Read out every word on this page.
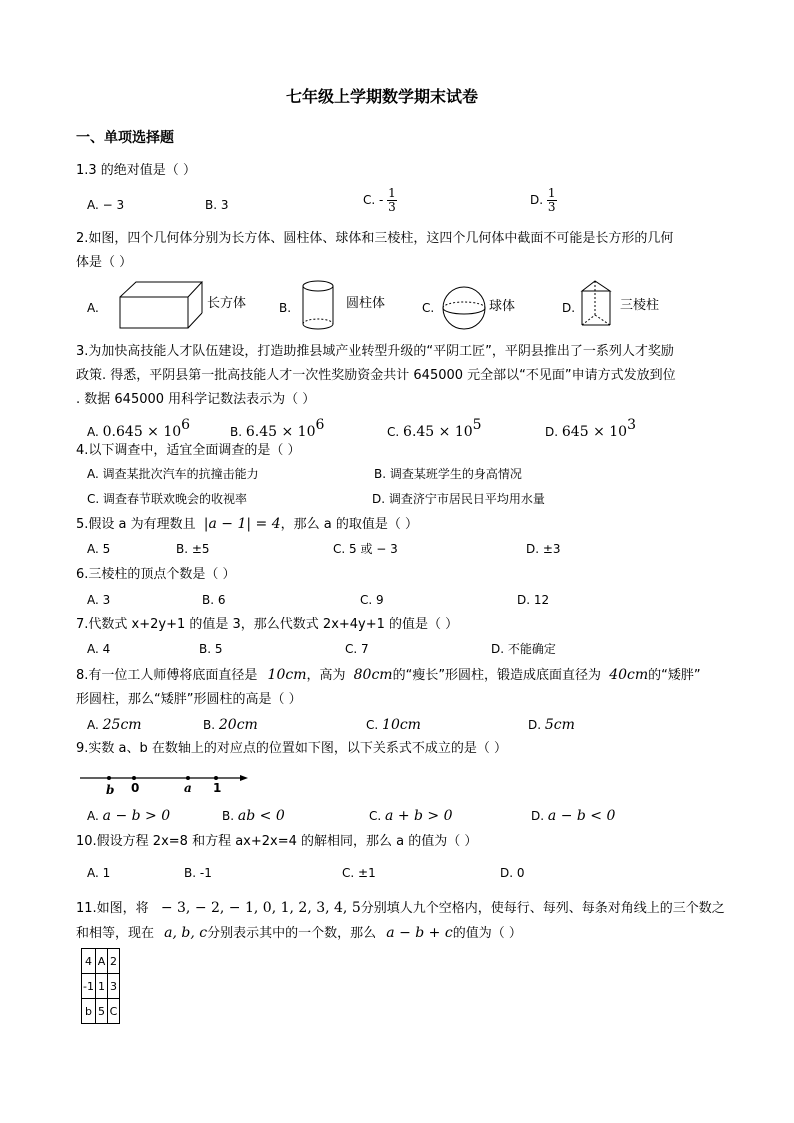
七年级上学期数学期末试卷
一、单项选择题
1.3 的绝对值是（ ）
A. − 3	B. 3	C. - $\frac{1}{3}$	D. $\frac{1}{3}$
2.如图，四个几何体分别为长方体、圆柱体、球体和三棱柱，这四个几何体中截面不可能是长方形的几何
体是（ ）
A.	长方体	B.	圆柱体	C.	球体	D.	三棱柱
3.为加快高技能人才队伍建设，打造助推县域产业转型升级的“平阴工匠”，平阴县推出了一系列人才奖励
政策. 得悉，平阴县第一批高技能人才一次性奖励资金共计 645000 元全部以“不见面”申请方式发放到位
. 数据 645000 用科学记数法表示为（ ）
A. $0.645 \times 10^6$	B. $6.45 \times 10^6$	C. $6.45 \times 10^5$	D. $645 \times 10^3$
4.以下调查中，适宜全面调查的是（ ）
A. 调查某批次汽车的抗撞击能力	B. 调查某班学生的身高情况
C. 调查春节联欢晚会的收视率	D. 调查济宁市居民日平均用水量
5.假设 a 为有理数且 |a − 1| = 4，那么 a 的取值是（ ）
A. 5	B. ±5	C. 5 或 − 3	D. ±3
6.三棱柱的顶点个数是（ ）
A. 3	B. 6	C. 9	D. 12
7.代数式 x+2y+1 的值是 3，那么代数式 2x+4y+1 的值是（ ）
A. 4	B. 5	C. 7	D. 不能确定
8.有一位工人师傅将底面直径是 10cm，高为 80cm的“瘦长”形圆柱，锻造成底面直径为 40cm的“矮胖”
形圆柱，那么“矮胖”形圆柱的高是（ ）
A. 25cm	B. 20cm	C. 10cm	D. 5cm
9.实数 a、b 在数轴上的对应点的位置如下图，以下关系式不成立的是（ ）
b 0	a 1
A. a − b > 0	B. ab < 0	C. a + b > 0	D. a − b < 0
10.假设方程 2x=8 和方程 ax+2x=4 的解相同，那么 a 的值为（ ）
A. 1	B. -1	C. ±1	D. 0
11.如图，将 − 3, − 2, − 1, 0, 1, 2, 3, 4, 5分别填人九个空格内，使每行、每列、每条对角线上的三个数之
和相等，现在 a, b, c分别表示其中的一个数，那么 a − b + c的值为（ ）
4	A	2
-1	1	3
b	5	C
